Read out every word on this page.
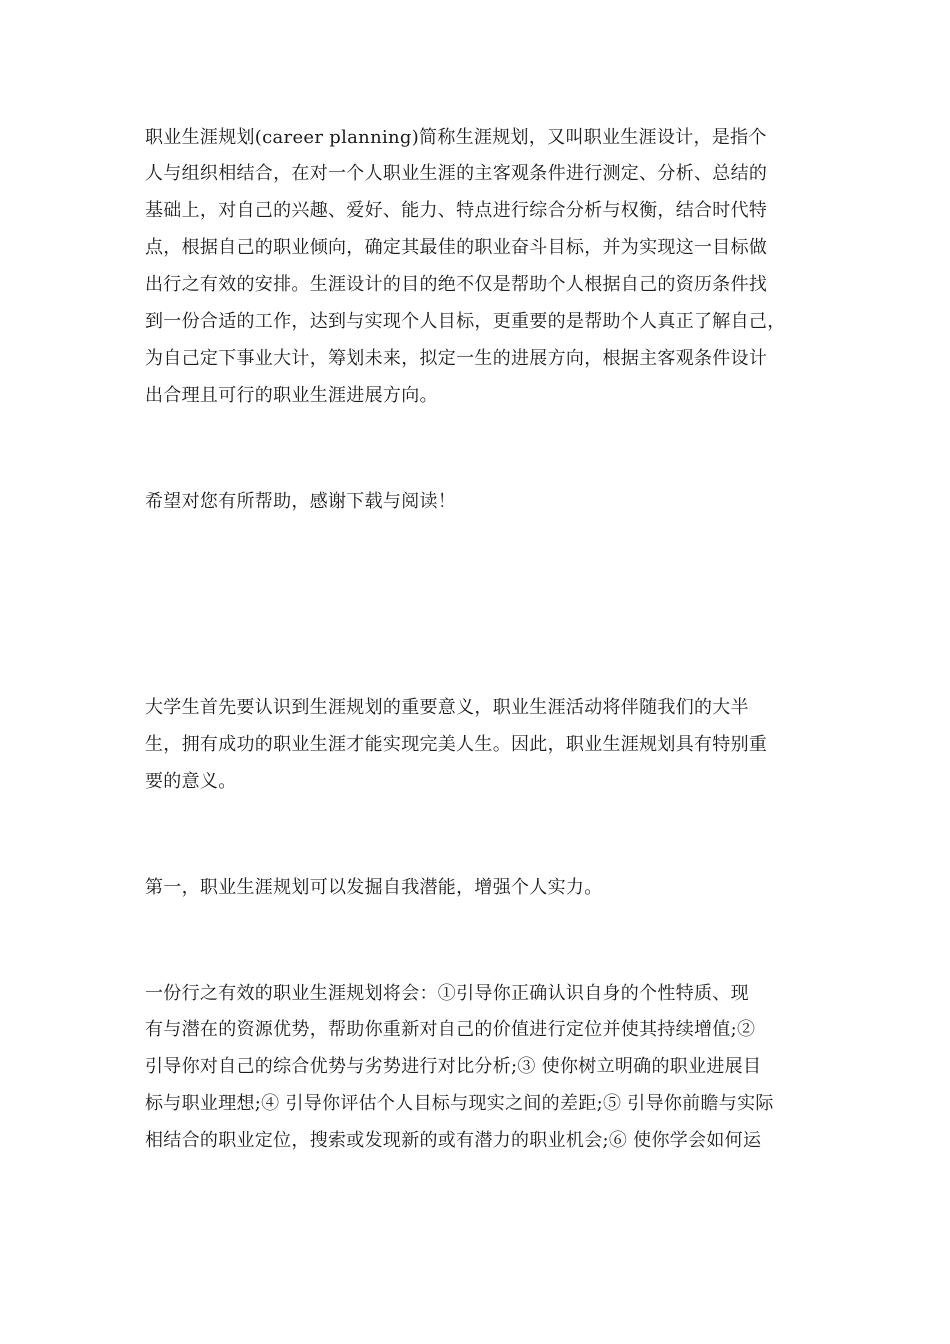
职业生涯规划(career planning)简称生涯规划，又叫职业生涯设计，是指个

人与组织相结合，在对一个人职业生涯的主客观条件进行测定、分析、总结的

基础上，对自己的兴趣、爱好、能力、特点进行综合分析与权衡，结合时代特

点，根据自己的职业倾向，确定其最佳的职业奋斗目标，并为实现这一目标做

出行之有效的安排。生涯设计的目的绝不仅是帮助个人根据自己的资历条件找

到一份合适的工作，达到与实现个人目标，更重要的是帮助个人真正了解自己，

为自己定下事业大计，筹划未来，拟定一生的进展方向，根据主客观条件设计

出合理且可行的职业生涯进展方向。

希望对您有所帮助，感谢下载与阅读！

大学生首先要认识到生涯规划的重要意义，职业生涯活动将伴随我们的大半

生，拥有成功的职业生涯才能实现完美人生。因此，职业生涯规划具有特别重

要的意义。

第一，职业生涯规划可以发掘自我潜能，增强个人实力。

一份行之有效的职业生涯规划将会：①引导你正确认识自身的个性特质、现

有与潜在的资源优势，帮助你重新对自己的价值进行定位并使其持续增值;②

引导你对自己的综合优势与劣势进行对比分析;③ 使你树立明确的职业进展目

标与职业理想;④ 引导你评估个人目标与现实之间的差距;⑤ 引导你前瞻与实际

相结合的职业定位，搜索或发现新的或有潜力的职业机会;⑥ 使你学会如何运
